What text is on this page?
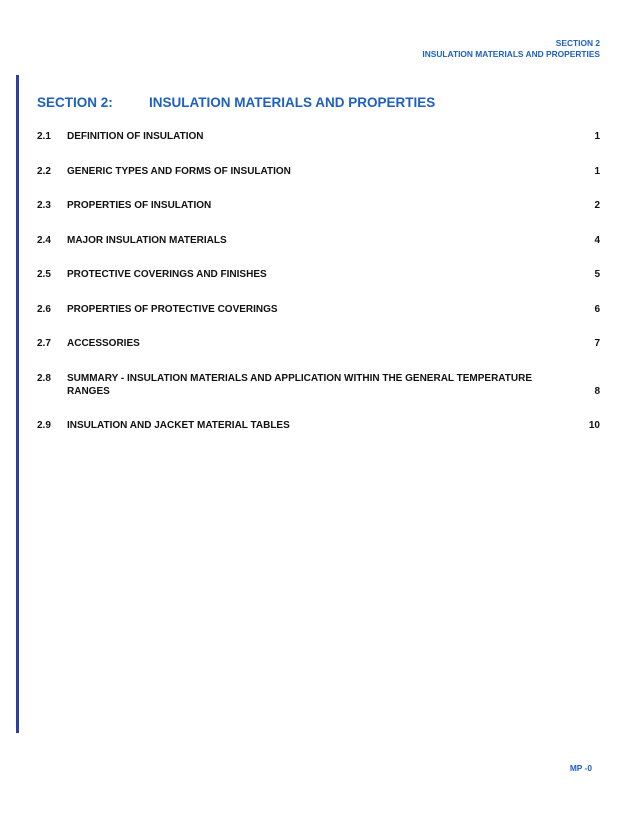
SECTION 2
INSULATION MATERIALS AND PROPERTIES
SECTION 2:	INSULATION MATERIALS AND PROPERTIES
2.1	DEFINITION OF INSULATION	1
2.2	GENERIC TYPES AND FORMS OF INSULATION	1
2.3	PROPERTIES OF INSULATION	2
2.4	MAJOR INSULATION MATERIALS	4
2.5	PROTECTIVE COVERINGS AND FINISHES	5
2.6	PROPERTIES OF PROTECTIVE COVERINGS	6
2.7	ACCESSORIES	7
2.8	SUMMARY - INSULATION MATERIALS AND APPLICATION WITHIN THE GENERAL TEMPERATURE RANGES	8
2.9	INSULATION AND JACKET MATERIAL TABLES	10
MP -0
